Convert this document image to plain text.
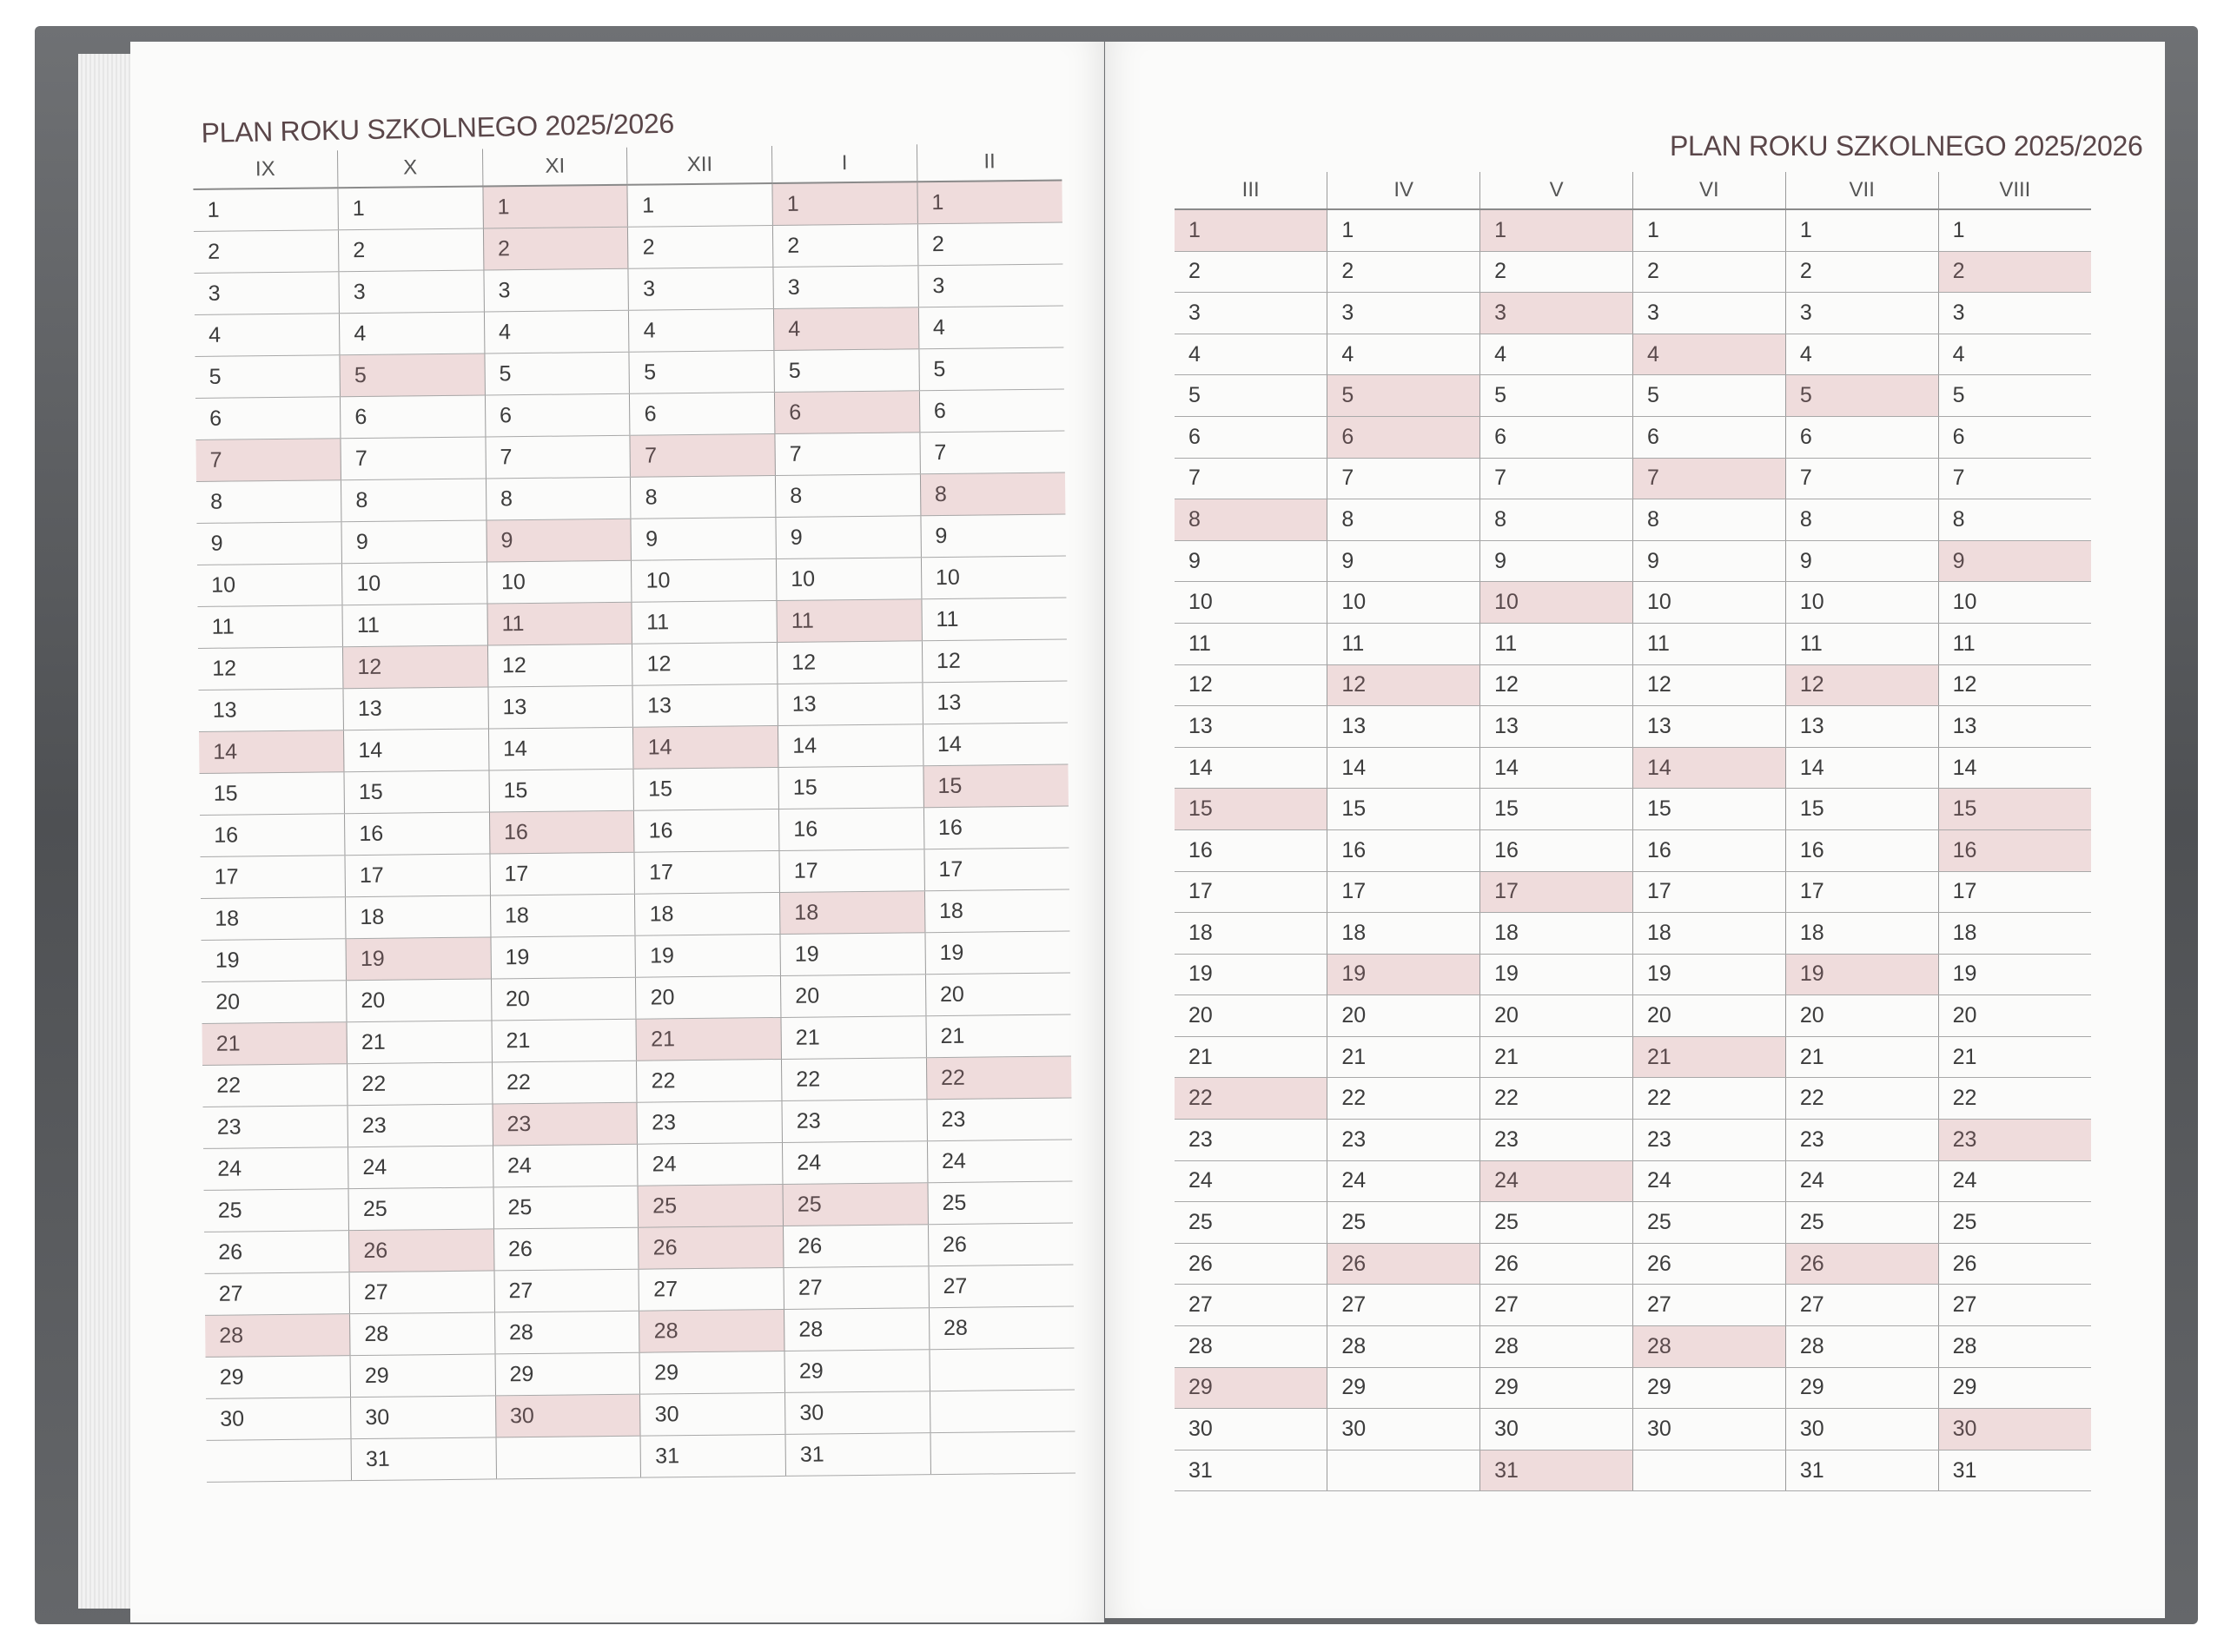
PLAN ROKU SZKOLNEGO 2025/2026	PLAN ROKU SZKOLNEGO 2025/2026
IX	X	XI	XII	I	II
1	1	1	1	1	1
2	2	2	2	2	2
3	3	3	3	3	3
4	4	4	4	4	4
5	5	5	5	5	5
6	6	6	6	6	6
7	7	7	7	7	7
8	8	8	8	8	8
9	9	9	9	9	9
10	10	10	10	10	10
11	11	11	11	11	11
12	12	12	12	12	12
13	13	13	13	13	13
14	14	14	14	14	14
15	15	15	15	15	15
16	16	16	16	16	16
17	17	17	17	17	17
18	18	18	18	18	18
19	19	19	19	19	19
20	20	20	20	20	20
21	21	21	21	21	21
22	22	22	22	22	22
23	23	23	23	23	23
24	24	24	24	24	24
25	25	25	25	25	25
26	26	26	26	26	26
27	27	27	27	27	27
28	28	28	28	28	28
29	29	29	29	29	
30	30	30	30	30	
	31		31	31	
III	IV	V	VI	VII	VIII
1	1	1	1	1	1
2	2	2	2	2	2
3	3	3	3	3	3
4	4	4	4	4	4
5	5	5	5	5	5
6	6	6	6	6	6
7	7	7	7	7	7
8	8	8	8	8	8
9	9	9	9	9	9
10	10	10	10	10	10
11	11	11	11	11	11
12	12	12	12	12	12
13	13	13	13	13	13
14	14	14	14	14	14
15	15	15	15	15	15
16	16	16	16	16	16
17	17	17	17	17	17
18	18	18	18	18	18
19	19	19	19	19	19
20	20	20	20	20	20
21	21	21	21	21	21
22	22	22	22	22	22
23	23	23	23	23	23
24	24	24	24	24	24
25	25	25	25	25	25
26	26	26	26	26	26
27	27	27	27	27	27
28	28	28	28	28	28
29	29	29	29	29	29
30	30	30	30	30	30
31		31		31	31
